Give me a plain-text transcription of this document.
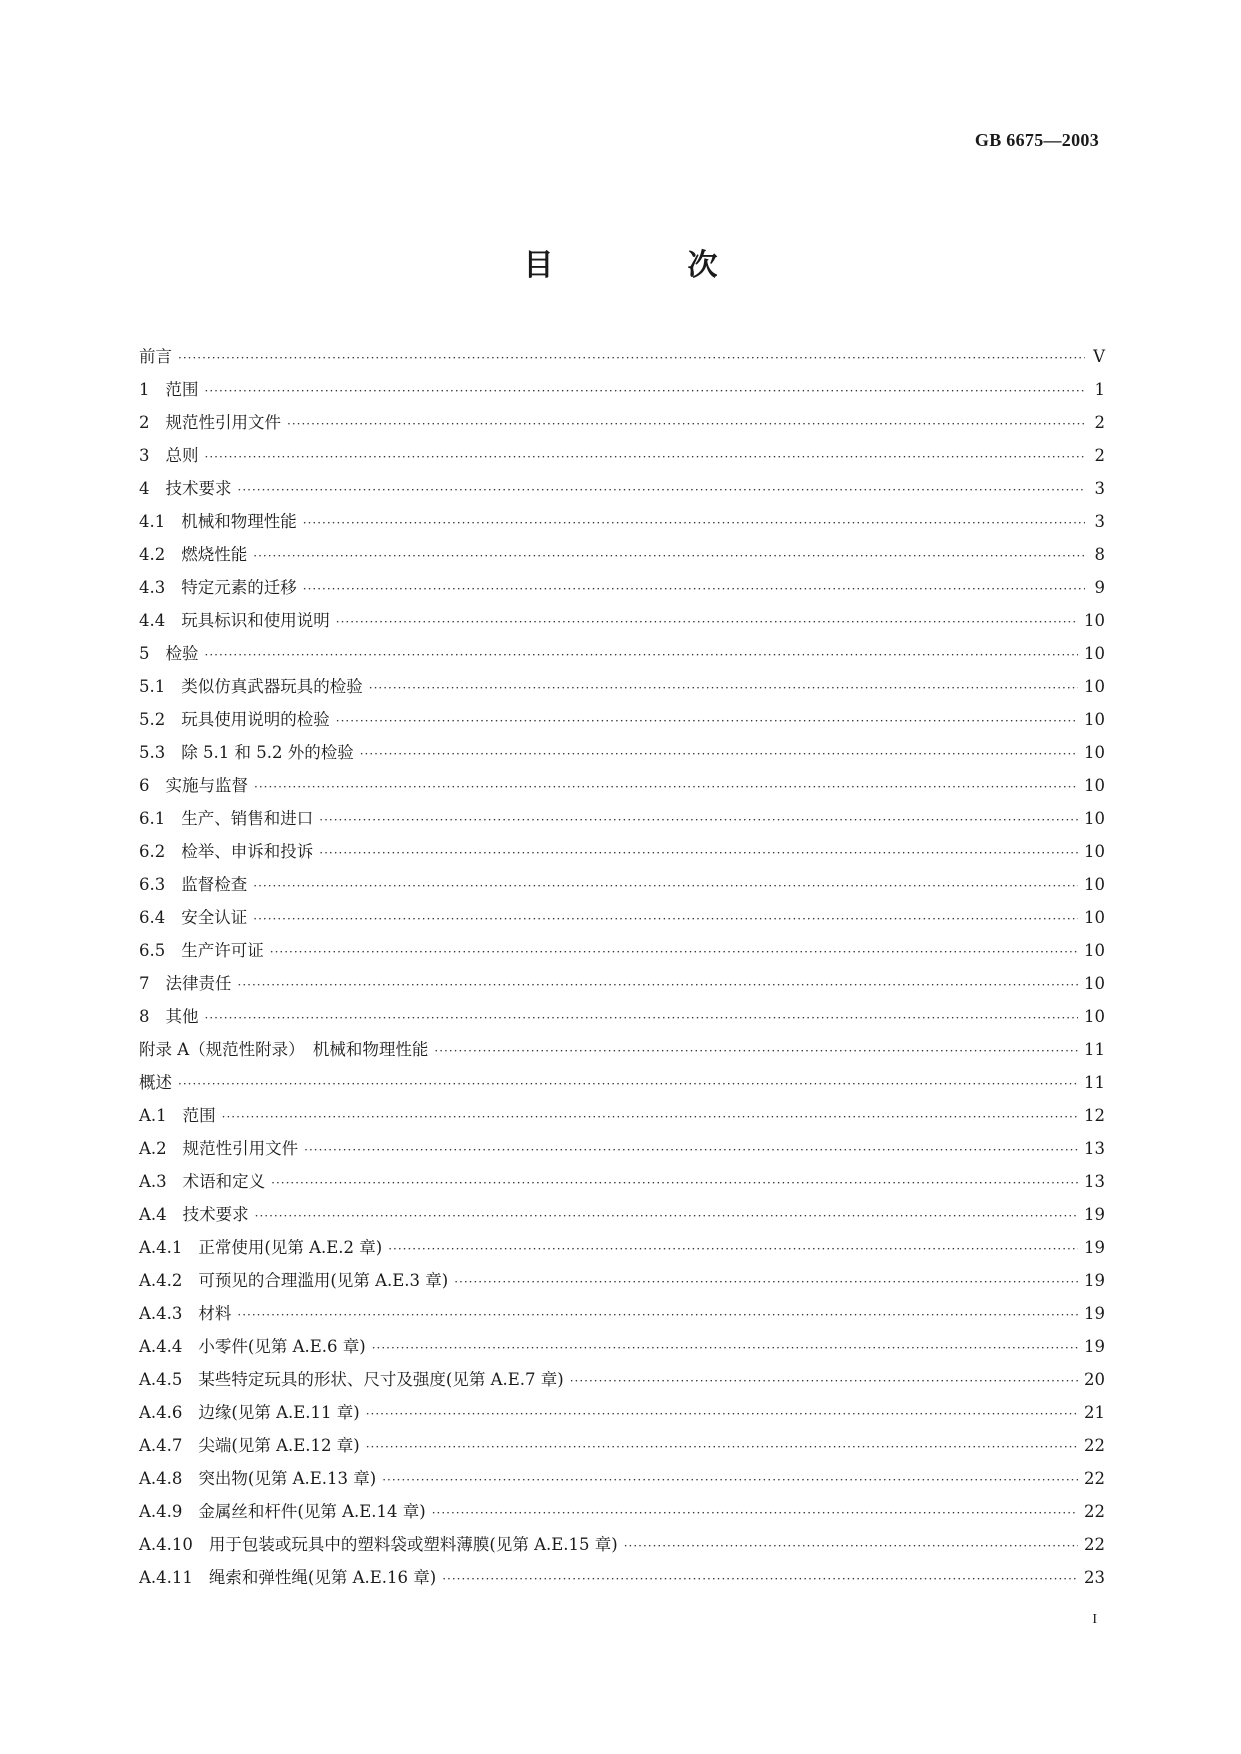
GB 6675—2003
目　次
前言 ·····	V
1 范围 ·····	1
2 规范性引用文件 ·····	2
3 总则 ·····	2
4 技术要求 ·····	3
4.1 机械和物理性能 ·····	3
4.2 燃烧性能 ·····	8
4.3 特定元素的迁移 ·····	9
4.4 玩具标识和使用说明 ·····	10
5 检验 ·····	10
5.1 类似仿真武器玩具的检验 ·····	10
5.2 玩具使用说明的检验 ·····	10
5.3 除 5.1 和 5.2 外的检验 ·····	10
6 实施与监督 ·····	10
6.1 生产、销售和进口 ·····	10
6.2 检举、申诉和投诉 ·····	10
6.3 监督检查 ·····	10
6.4 安全认证 ·····	10
6.5 生产许可证 ·····	10
7 法律责任 ·····	10
8 其他 ·····	10
附录 A（规范性附录）　机械和物理性能 ·····	11
概述 ·····	11
A.1 范围 ·····	12
A.2 规范性引用文件 ·····	13
A.3 术语和定义 ·····	13
A.4 技术要求 ·····	19
A.4.1 正常使用(见第 A.E.2 章) ·····	19
A.4.2 可预见的合理滥用(见第 A.E.3 章) ·····	19
A.4.3 材料 ·····	19
A.4.4 小零件(见第 A.E.6 章) ·····	19
A.4.5 某些特定玩具的形状、尺寸及强度(见第 A.E.7 章) ·····	20
A.4.6 边缘(见第 A.E.11 章) ·····	21
A.4.7 尖端(见第 A.E.12 章) ·····	22
A.4.8 突出物(见第 A.E.13 章) ·····	22
A.4.9 金属丝和杆件(见第 A.E.14 章) ·····	22
A.4.10 用于包装或玩具中的塑料袋或塑料薄膜(见第 A.E.15 章) ·····	22
A.4.11 绳索和弹性绳(见第 A.E.16 章) ·····	23
I
